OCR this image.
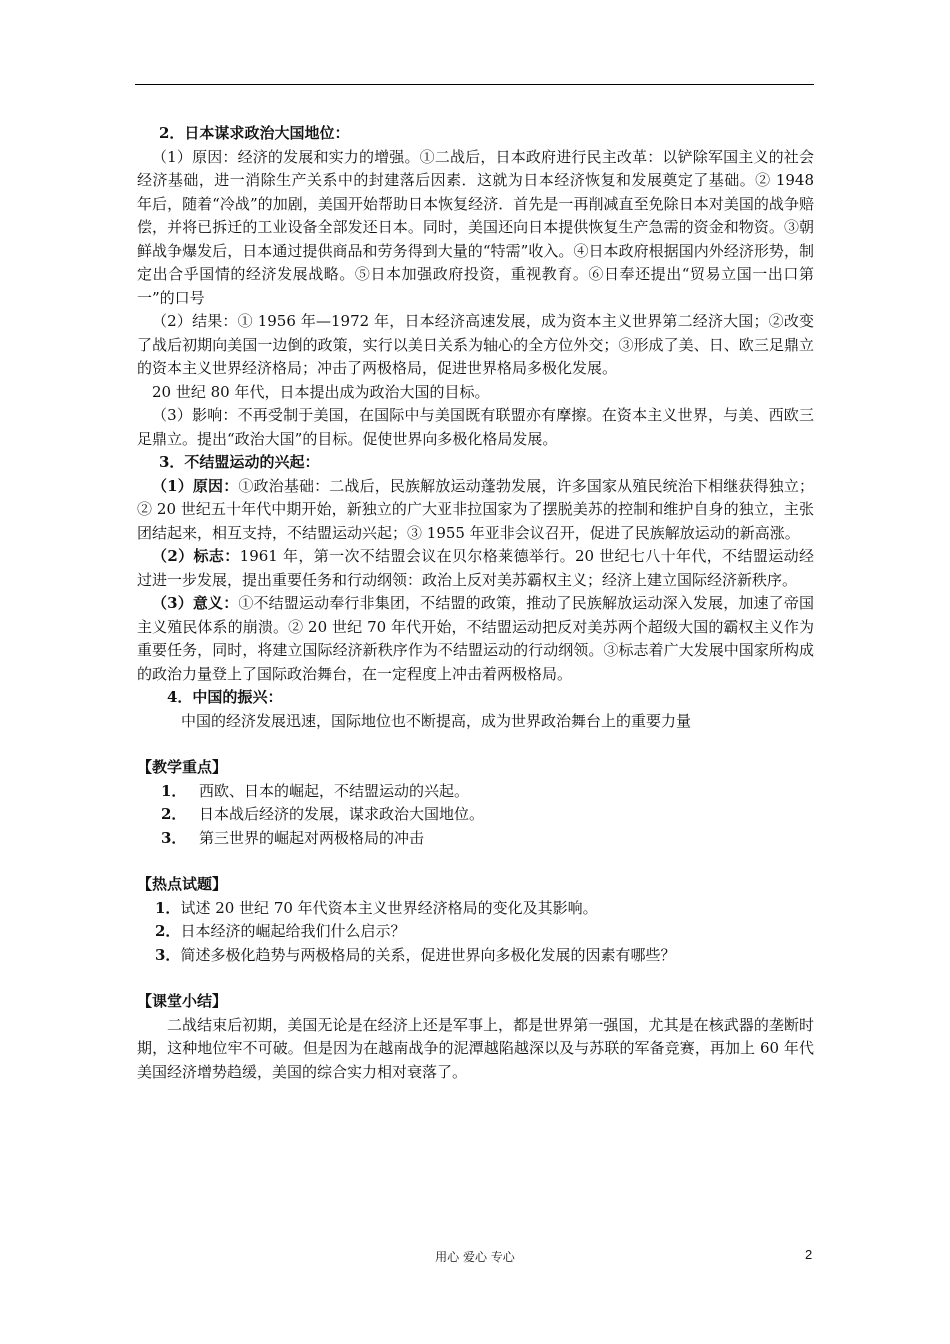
2．日本谋求政治大国地位：

（1）原因：经济的发展和实力的增强。①二战后，日本政府进行民主改革：以铲除军国主义的社会经济基础，进一消除生产关系中的封建落后因素．这就为日本经济恢复和发展奠定了基础。② 1948 年后，随着“冷战”的加剧，美国开始帮助日本恢复经济．首先是一再削减直至免除日本对美国的战争赔偿，并将已拆迁的工业设备全部发还日本。同时，美国还向日本提供恢复生产急需的资金和物资。③朝鲜战争爆发后，日本通过提供商品和劳务得到大量的“特需”收入。④日本政府根据国内外经济形势，制定出合乎国情的经济发展战略。⑤日本加强政府投资，重视教育。⑥日奉还提出“贸易立国一出口第一”的口号

（2）结果：① 1956 年—1972 年，日本经济高速发展，成为资本主义世界第二经济大国；②改变了战后初期向美国一边倒的政策，实行以美日关系为轴心的全方位外交；③形成了美、日、欧三足鼎立的资本主义世界经济格局；冲击了两极格局，促进世界格局多极化发展。

20 世纪 80 年代，日本提出成为政治大国的目标。

（3）影响：不再受制于美国，在国际中与美国既有联盟亦有摩擦。在资本主义世界，与美、西欧三足鼎立。提出“政治大国”的目标。促使世界向多极化格局发展。

3．不结盟运动的兴起：

（1）原因：①政治基础：二战后，民族解放运动蓬勃发展，许多国家从殖民统治下相继获得独立；② 20 世纪五十年代中期开始，新独立的广大亚非拉国家为了摆脱美苏的控制和维护自身的独立，主张团结起来，相互支持，不结盟运动兴起；③ 1955 年亚非会议召开，促进了民族解放运动的新高涨。

（2）标志：1961 年，第一次不结盟会议在贝尔格莱德举行。20 世纪七八十年代，不结盟运动经过进一步发展，提出重要任务和行动纲领：政治上反对美苏霸权主义；经济上建立国际经济新秩序。

（3）意义：①不结盟运动奉行非集团，不结盟的政策，推动了民族解放运动深入发展，加速了帝国主义殖民体系的崩溃。② 20 世纪 70 年代开始，不结盟运动把反对美苏两个超级大国的霸权主义作为重要任务，同时，将建立国际经济新秩序作为不结盟运动的行动纲领。③标志着广大发展中国家所构成的政治力量登上了国际政治舞台，在一定程度上冲击着两极格局。

4．中国的振兴：

中国的经济发展迅速，国际地位也不断提高，成为世界政治舞台上的重要力量

【教学重点】

1． 西欧、日本的崛起，不结盟运动的兴起。

2． 日本战后经济的发展，谋求政治大国地位。

3． 第三世界的崛起对两极格局的冲击

【热点试题】

1．试述 20 世纪 70 年代资本主义世界经济格局的变化及其影响。

2．日本经济的崛起给我们什么启示？

3．简述多极化趋势与两极格局的关系，促进世界向多极化发展的因素有哪些？

【课堂小结】

二战结束后初期，美国无论是在经济上还是军事上，都是世界第一强国，尤其是在核武器的垄断时期，这种地位牢不可破。但是因为在越南战争的泥潭越陷越深以及与苏联的军备竞赛，再加上 60 年代美国经济增势趋缓，美国的综合实力相对衰落了。

用心 爱心 专心	2
